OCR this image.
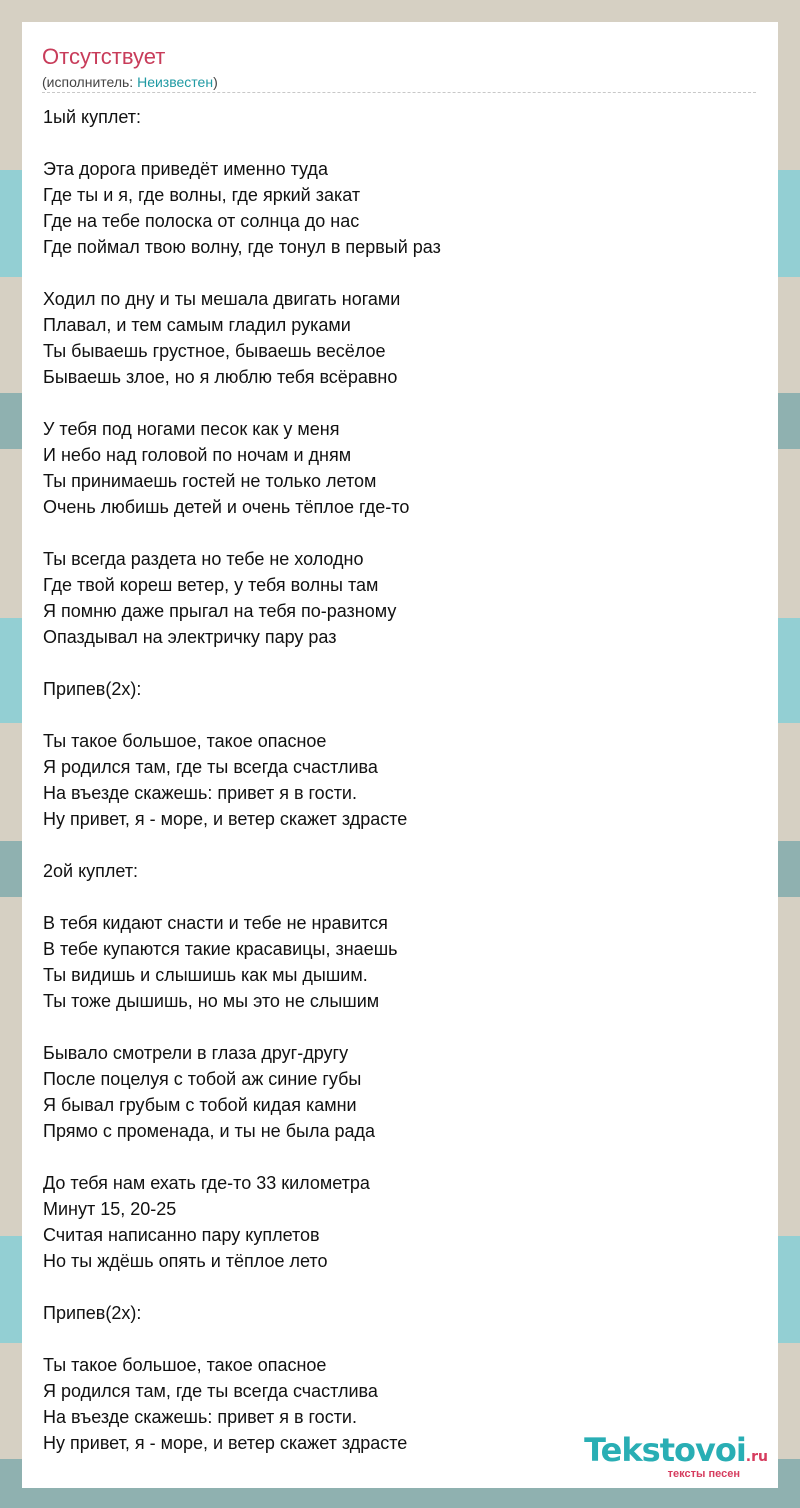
Отсутствует
(исполнитель: Неизвестен)
1ый куплет:
Эта дорога приведёт именно туда
Где ты и я, где волны, где яркий закат
Где на тебе полоска от солнца до нас
Где поймал твою волну, где тонул в первый раз
Ходил по дну и ты мешала двигать ногами
Плавал, и тем самым гладил руками
Ты бываешь грустное, бываешь весёлое
Бываешь злое, но я люблю тебя всёравно
У тебя под ногами песок как у меня
И небо над головой по ночам и дням
Ты принимаешь гостей не только летом
Очень любишь детей и очень тёплое где-то
Ты всегда раздета но тебе не холодно
Где твой кореш ветер, у тебя волны там
Я помню даже прыгал на тебя по-разному
Опаздывал на электричку пару раз
Припев(2x):
Ты такое большое, такое опасное
Я родился там, где ты всегда счастлива
На въезде скажешь: привет я в гости.
Ну привет, я - море, и ветер скажет здрасте
2ой куплет:
В тебя кидают снасти и тебе не нравится
В тебе купаются такие красавицы, знаешь
Ты видишь и слышишь как мы дышим.
Ты тоже дышишь, но мы это не слышим
Бывало смотрели в глаза друг-другу
После поцелуя с тобой аж синие губы
Я бывал грубым с тобой кидая камни
Прямо с променада, и ты не была рада
До тебя нам ехать где-то 33 километра
Минут 15, 20-25
Считая написанно пару куплетов
Но ты ждёшь опять и тёплое лето
Припев(2x):
Ты такое большое, такое опасное
Я родился там, где ты всегда счастлива
На въезде скажешь: привет я в гости.
Ну привет, я - море, и ветер скажет здрасте	Tekstovoi.ru
тексты песен
